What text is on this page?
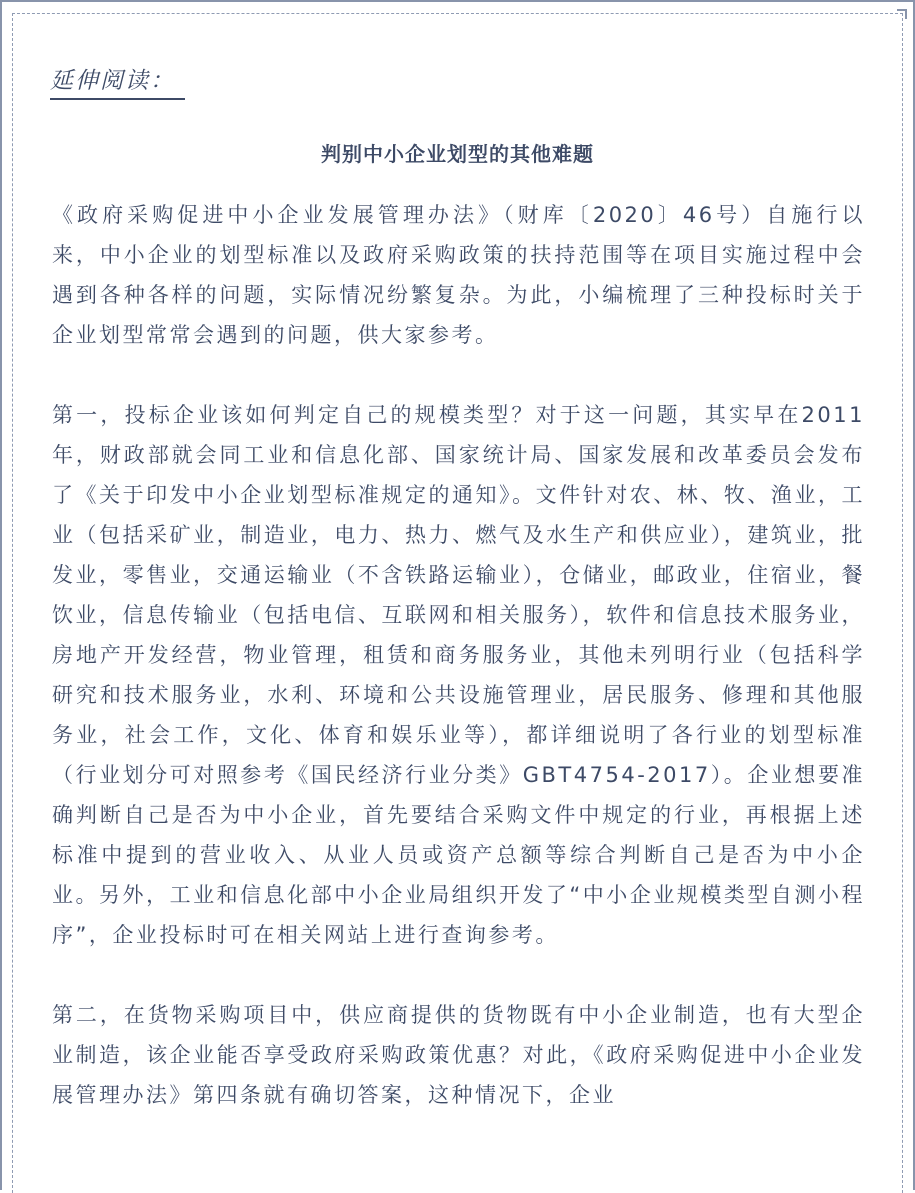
延伸阅读：
判别中小企业划型的其他难题

《政府采购促进中小企业发展管理办法》（财库〔2020〕46号）自施行以来，中小企业的划型标准以及政府采购政策的扶持范围等在项目实施过程中会遇到各种各样的问题，实际情况纷繁复杂。为此，小编梳理了三种投标时关于企业划型常常会遇到的问题，供大家参考。

第一，投标企业该如何判定自己的规模类型？对于这一问题，其实早在2011年，财政部就会同工业和信息化部、国家统计局、国家发展和改革委员会发布了《关于印发中小企业划型标准规定的通知》。文件针对农、林、牧、渔业，工业（包括采矿业，制造业，电力、热力、燃气及水生产和供应业），建筑业，批发业，零售业，交通运输业（不含铁路运输业），仓储业，邮政业，住宿业，餐饮业，信息传输业（包括电信、互联网和相关服务），软件和信息技术服务业，房地产开发经营，物业管理，租赁和商务服务业，其他未列明行业（包括科学研究和技术服务业，水利、环境和公共设施管理业，居民服务、修理和其他服务业，社会工作，文化、体育和娱乐业等），都详细说明了各行业的划型标准（行业划分可对照参考《国民经济行业分类》GBT4754-2017）。企业想要准确判断自己是否为中小企业，首先要结合采购文件中规定的行业，再根据上述标准中提到的营业收入、从业人员或资产总额等综合判断自己是否为中小企业。另外，工业和信息化部中小企业局组织开发了“中小企业规模类型自测小程序”，企业投标时可在相关网站上进行查询参考。

第二，在货物采购项目中，供应商提供的货物既有中小企业制造，也有大型企业制造，该企业能否享受政府采购政策优惠？对此，《政府采购促进中小企业发展管理办法》第四条就有确切答案，这种情况下，企业
